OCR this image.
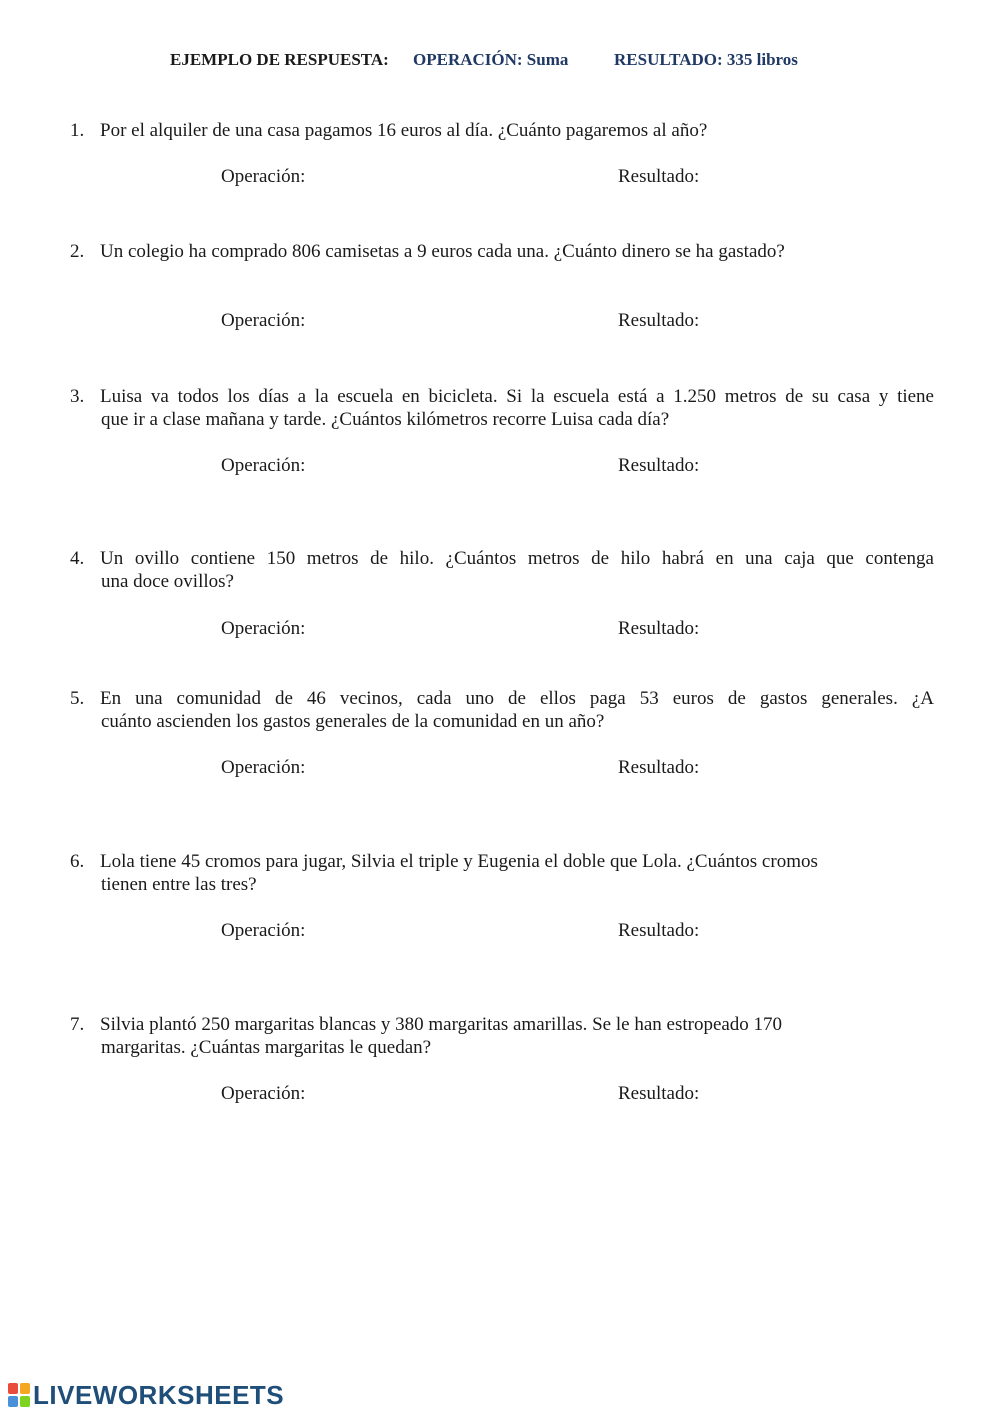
EJEMPLO DE RESPUESTA: OPERACIÓN: Suma	RESULTADO: 335 libros
1. Por el alquiler de una casa pagamos 16 euros al día. ¿Cuánto pagaremos al año?
Operación:	Resultado:
2. Un colegio ha comprado 806 camisetas a 9 euros cada una. ¿Cuánto dinero se ha gastado?
Operación:	Resultado:
3. Luisa va todos los días a la escuela en bicicleta. Si la escuela está a 1.250 metros de su casa y tiene
que ir a clase mañana y tarde. ¿Cuántos kilómetros recorre Luisa cada día?
Operación:	Resultado:
4. Un ovillo contiene 150 metros de hilo. ¿Cuántos metros de hilo habrá en una caja que contenga
una doce ovillos?
Operación:	Resultado:
5. En una comunidad de 46 vecinos, cada uno de ellos paga 53 euros de gastos generales. ¿A
cuánto ascienden los gastos generales de la comunidad en un año?
Operación:	Resultado:
6. Lola tiene 45 cromos para jugar, Silvia el triple y Eugenia el doble que Lola. ¿Cuántos cromos
tienen entre las tres?
Operación:	Resultado:
7. Silvia plantó 250 margaritas blancas y 380 margaritas amarillas. Se le han estropeado 170
margaritas. ¿Cuántas margaritas le quedan?
Operación:	Resultado:
LIVEWORKSHEETS
